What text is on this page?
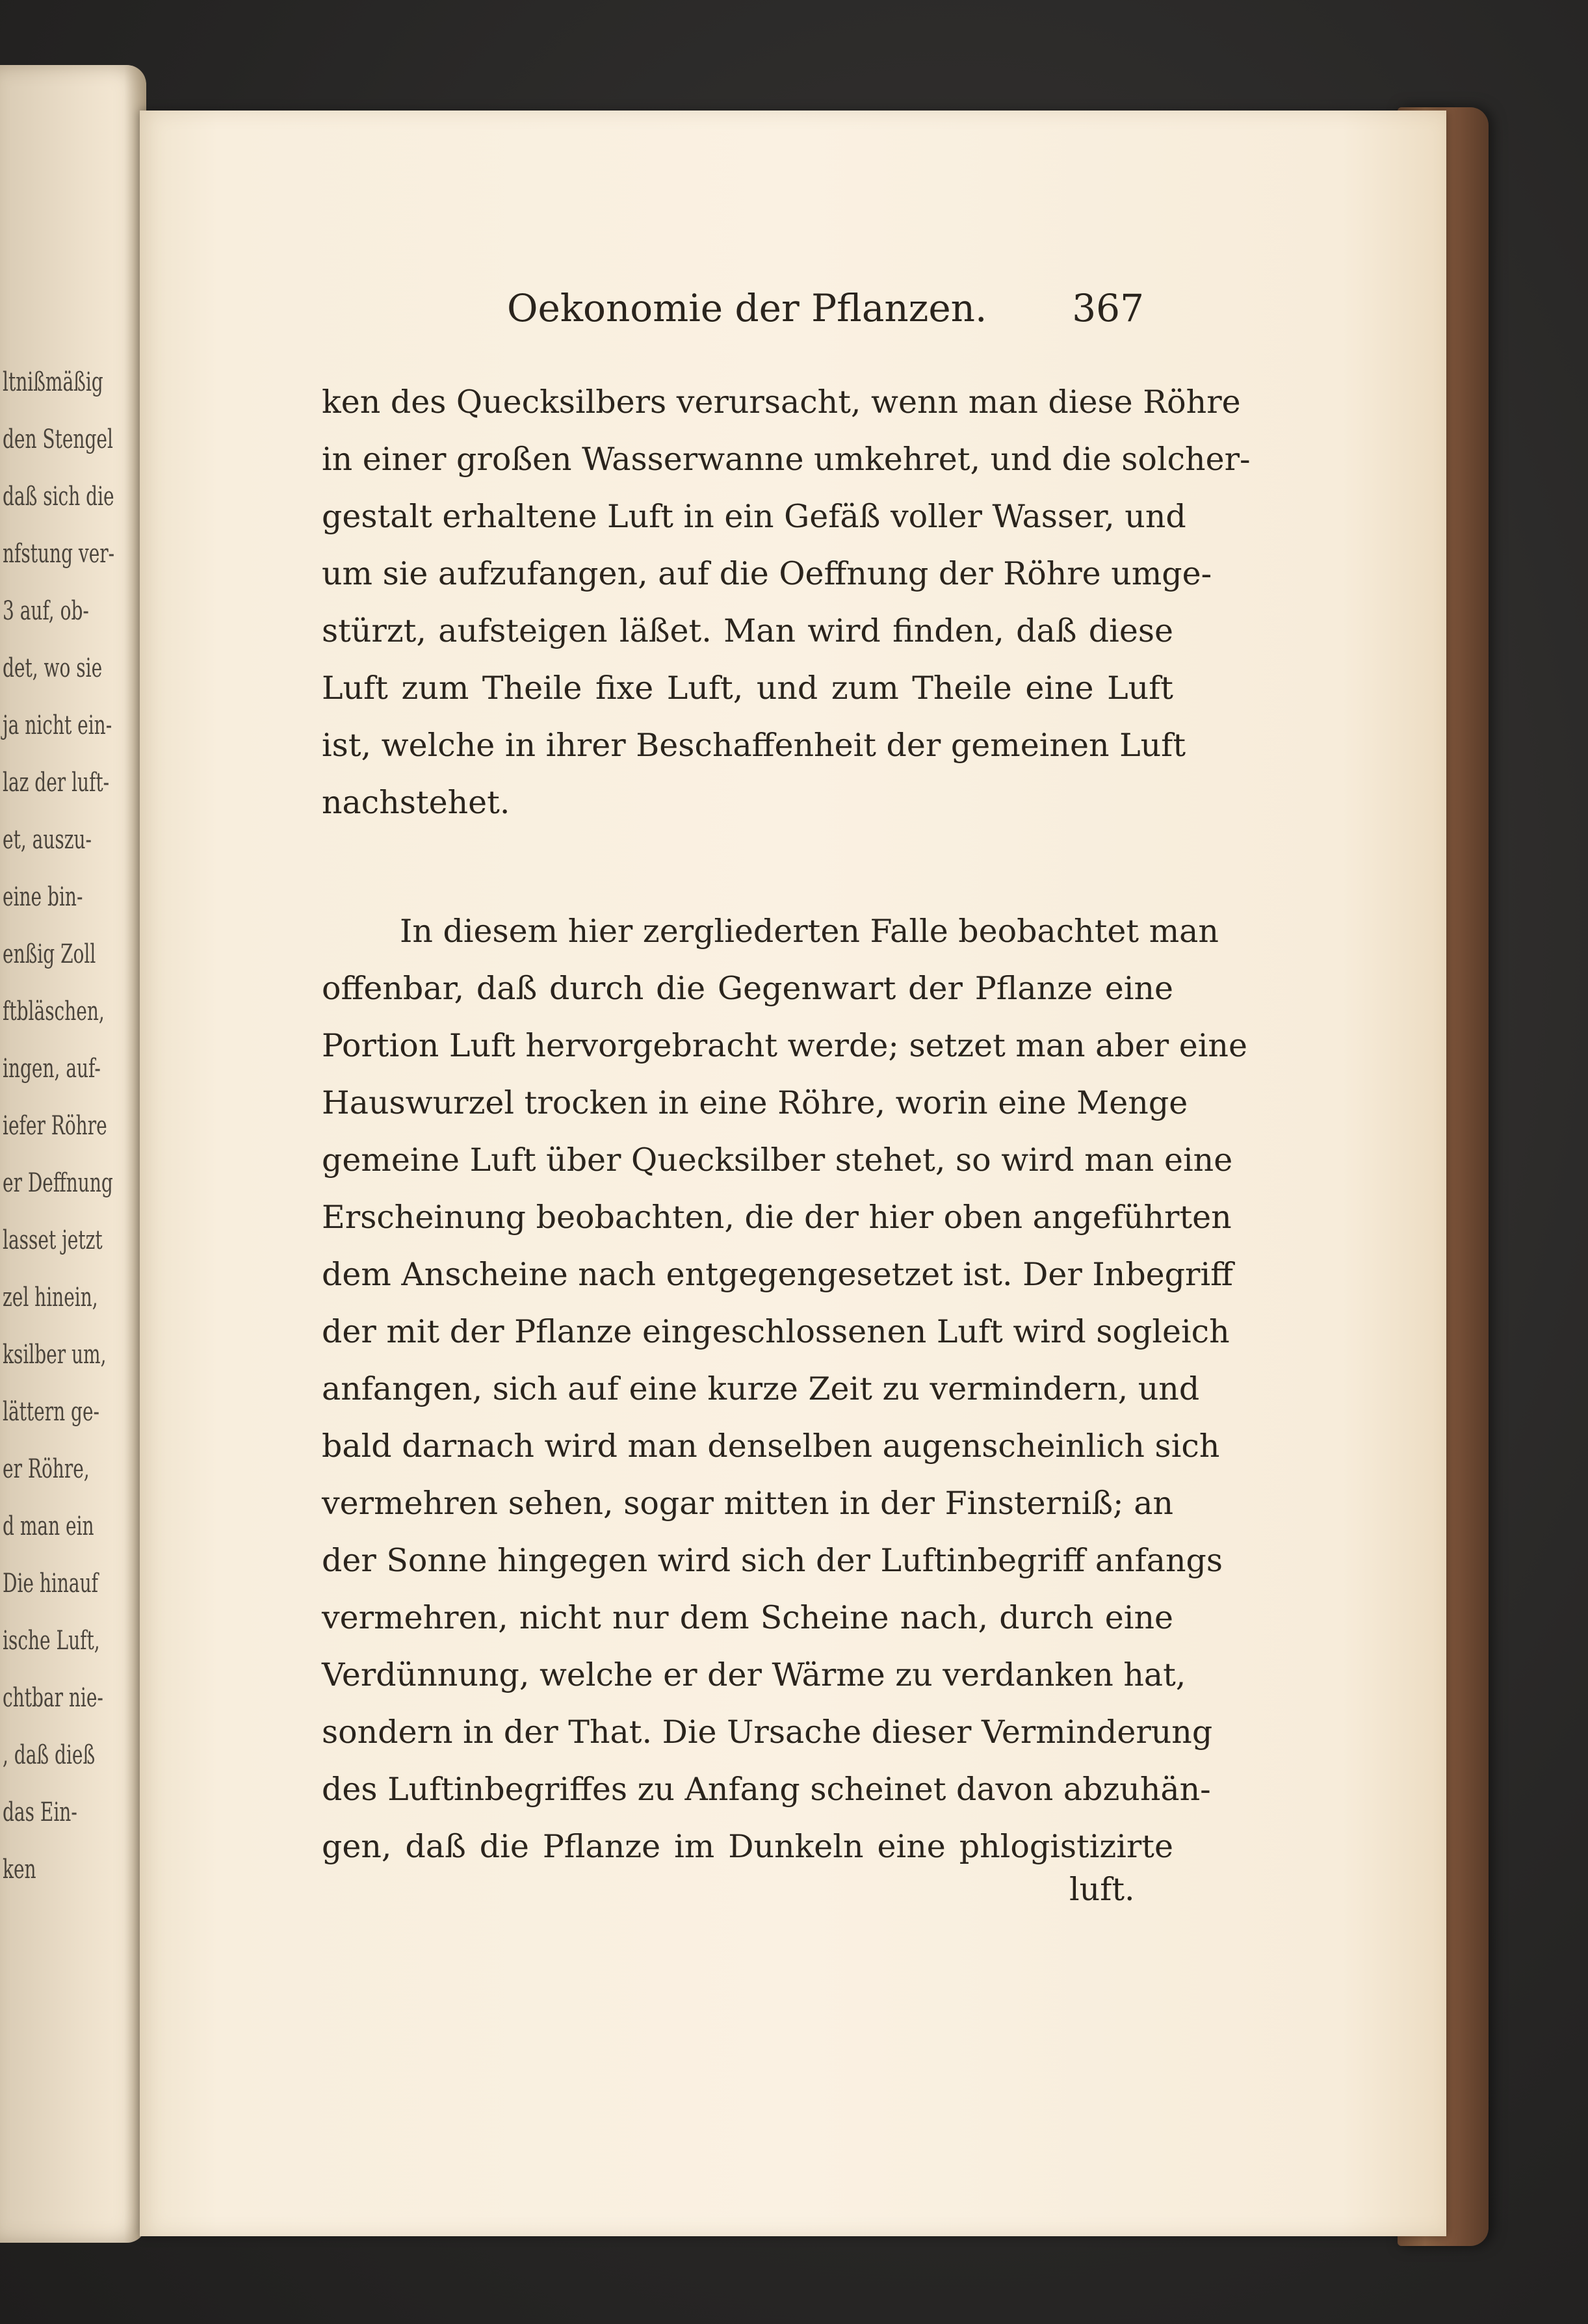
ltnißmäßig
den Stengel
daß sich die
nfstung ver-
3 auf, ob-
det, wo sie
ja nicht ein-
laz der luft-
et, auszu-
eine bin-
enßig Zoll
ftbläschen,
ingen, auf-
iefer Röhre
er Deffnung
lasset jetzt
zel hinein,
ksilber um,
lättern ge-
er Röhre,
d man ein
Die hinauf
ische Luft,
chtbar nie-
, daß dieß
das Ein-
ken
Oekonomie der Pflanzen. 367
ken des Quecksilbers verursacht, wenn man diese Röhre
in einer großen Wasserwanne umkehret, und die solcher-
gestalt erhaltene Luft in ein Gefäß voller Wasser, und
um sie aufzufangen, auf die Oeffnung der Röhre umge-
stürzt, aufsteigen läßet. Man wird finden, daß diese
Luft zum Theile fixe Luft, und zum Theile eine Luft
ist, welche in ihrer Beschaffenheit der gemeinen Luft
nachstehet.
In diesem hier zergliederten Falle beobachtet man
offenbar, daß durch die Gegenwart der Pflanze eine
Portion Luft hervorgebracht werde; setzet man aber eine
Hauswurzel trocken in eine Röhre, worin eine Menge
gemeine Luft über Quecksilber stehet, so wird man eine
Erscheinung beobachten, die der hier oben angeführten
dem Anscheine nach entgegengesetzet ist. Der Inbegriff
der mit der Pflanze eingeschlossenen Luft wird sogleich
anfangen, sich auf eine kurze Zeit zu vermindern, und
bald darnach wird man denselben augenscheinlich sich
vermehren sehen, sogar mitten in der Finsterniß; an
der Sonne hingegen wird sich der Luftinbegriff anfangs
vermehren, nicht nur dem Scheine nach, durch eine
Verdünnung, welche er der Wärme zu verdanken hat,
sondern in der That. Die Ursache dieser Verminderung
des Luftinbegriffes zu Anfang scheinet davon abzuhän-
gen, daß die Pflanze im Dunkeln eine phlogistizirte
luft.
